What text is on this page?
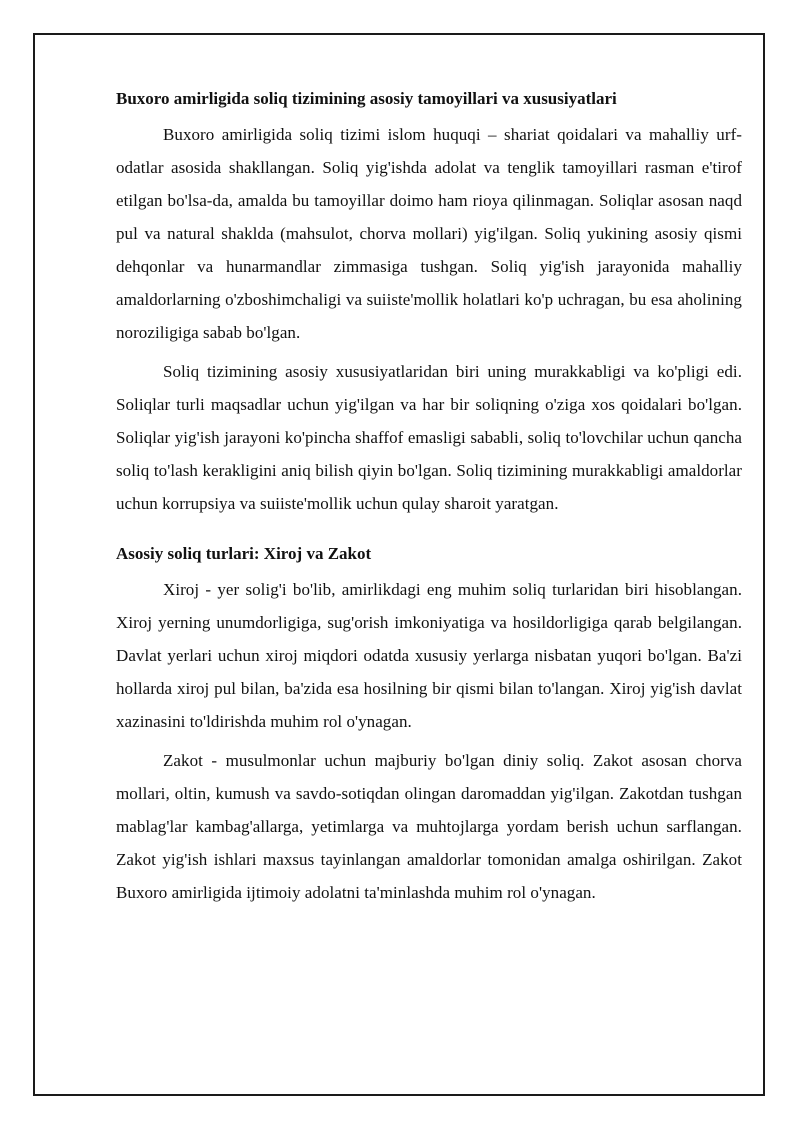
Buxoro amirligida soliq tizimining asosiy tamoyillari va xususiyatlari

Buxoro amirligida soliq tizimi islom huquqi – shariat qoidalari va mahalliy urf-odatlar asosida shakllangan. Soliq yig'ishda adolat va tenglik tamoyillari rasman e'tirof etilgan bo'lsa-da, amalda bu tamoyillar doimo ham rioya qilinmagan. Soliqlar asosan naqd pul va natural shaklda (mahsulot, chorva mollari) yig'ilgan. Soliq yukining asosiy qismi dehqonlar va hunarmandlar zimmasiga tushgan. Soliq yig'ish jarayonida mahalliy amaldorlarning o'zboshimchaligi va suiiste'mollik holatlari ko'p uchragan, bu esa aholining noroziligiga sabab bo'lgan.

Soliq tizimining asosiy xususiyatlaridan biri uning murakkabligi va ko'pligi edi. Soliqlar turli maqsadlar uchun yig'ilgan va har bir soliqning o'ziga xos qoidalari bo'lgan. Soliqlar yig'ish jarayoni ko'pincha shaffof emasligi sababli, soliq to'lovchilar uchun qancha soliq to'lash kerakligini aniq bilish qiyin bo'lgan. Soliq tizimining murakkabligi amaldorlar uchun korrupsiya va suiiste'mollik uchun qulay sharoit yaratgan.

Asosiy soliq turlari: Xiroj va Zakot

Xiroj - yer solig'i bo'lib, amirlikdagi eng muhim soliq turlaridan biri hisoblangan. Xiroj yerning unumdorligiga, sug'orish imkoniyatiga va hosildorligiga qarab belgilangan. Davlat yerlari uchun xiroj miqdori odatda xususiy yerlarga nisbatan yuqori bo'lgan. Ba'zi hollarda xiroj pul bilan, ba'zida esa hosilning bir qismi bilan to'langan. Xiroj yig'ish davlat xazinasini to'ldirishda muhim rol o'ynagan.

Zakot - musulmonlar uchun majburiy bo'lgan diniy soliq. Zakot asosan chorva mollari, oltin, kumush va savdo-sotiqdan olingan daromaddan yig'ilgan. Zakotdan tushgan mablag'lar kambag'allarga, yetimlarga va muhtojlarga yordam berish uchun sarflangan. Zakot yig'ish ishlari maxsus tayinlangan amaldorlar tomonidan amalga oshirilgan. Zakot Buxoro amirligida ijtimoiy adolatni ta'minlashda muhim rol o'ynagan.
